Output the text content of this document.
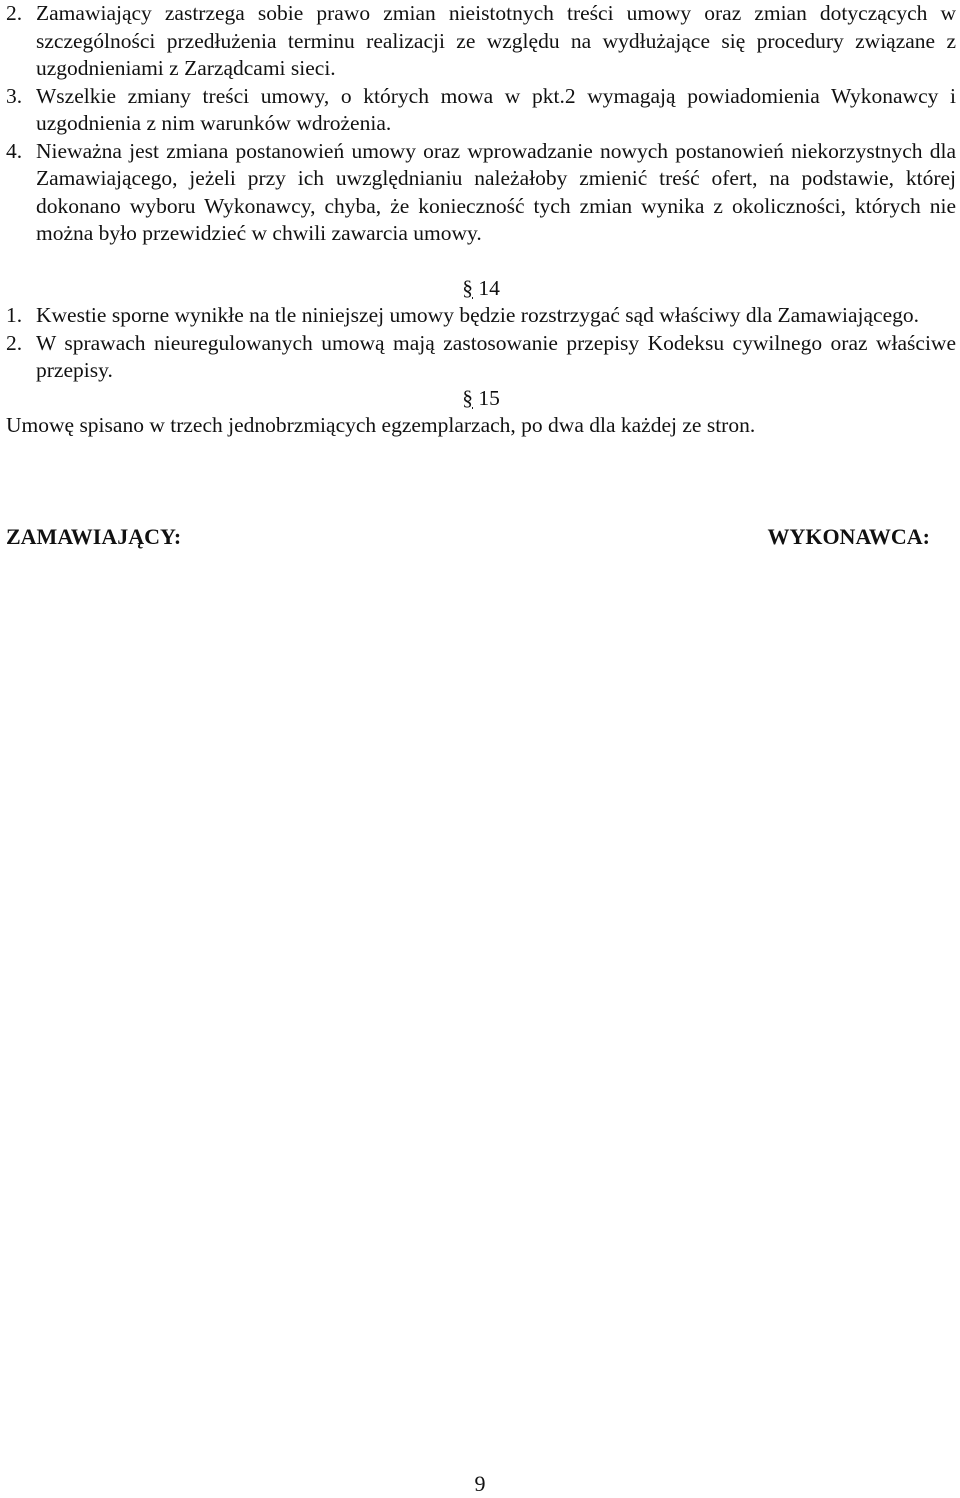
2. Zamawiający zastrzega sobie prawo zmian nieistotnych treści umowy oraz zmian dotyczących w szczególności przedłużenia terminu realizacji ze względu na wydłużające się procedury związane z uzgodnieniami z Zarządcami sieci.
3. Wszelkie zmiany treści umowy, o których mowa w pkt.2 wymagają powiadomienia Wykonawcy i uzgodnienia z nim warunków wdrożenia.
4. Nieważna jest zmiana postanowień umowy oraz wprowadzanie nowych postanowień niekorzystnych dla Zamawiającego, jeżeli przy ich uwzględnianiu należałoby zmienić treść ofert, na podstawie, której dokonano wyboru Wykonawcy, chyba, że konieczność tych zmian wynika z okoliczności, których nie można było przewidzieć w chwili zawarcia umowy.
§ 14
1. Kwestie sporne wynikłe na tle niniejszej umowy będzie rozstrzygać sąd właściwy dla Zamawiającego.
2. W sprawach nieuregulowanych umową mają zastosowanie przepisy Kodeksu cywilnego oraz właściwe przepisy.
§ 15
Umowę spisano w trzech jednobrzmiących egzemplarzach, po dwa dla każdej ze stron.
ZAMAWIAJĄCY:	WYKONAWCA:
9
